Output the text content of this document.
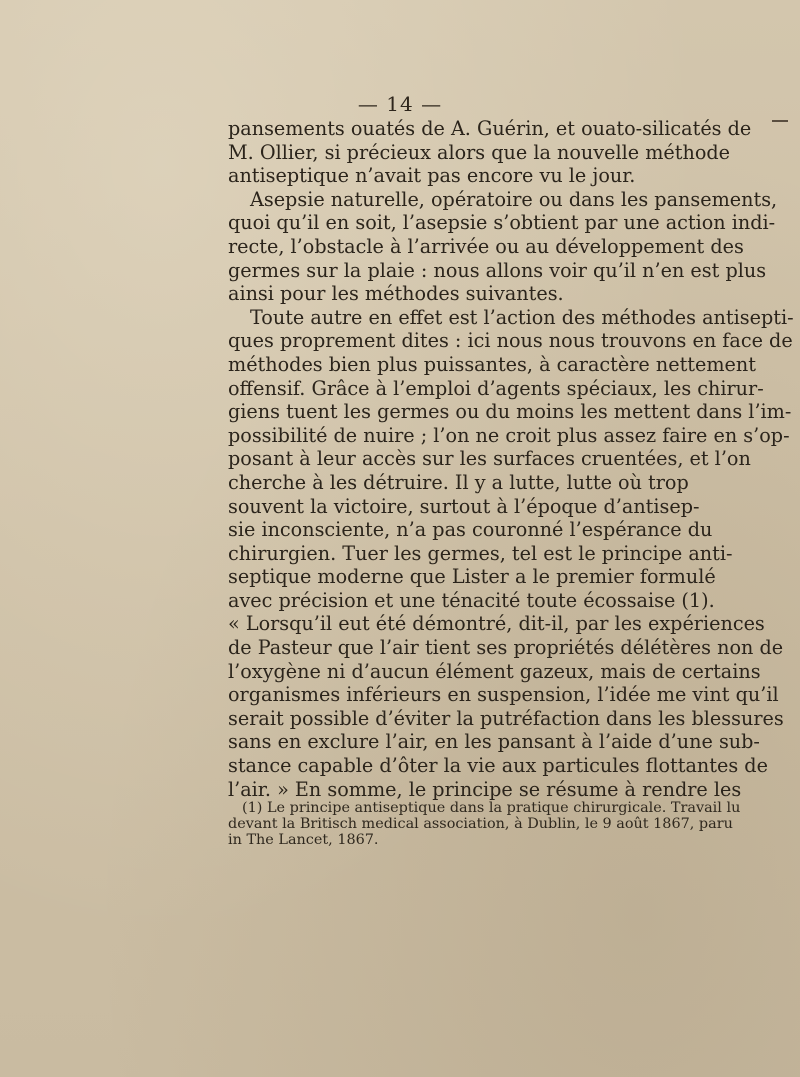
— 14 —
pansements ouatés de A. Guérin, et ouato-silicatés de
M. Ollier, si précieux alors que la nouvelle méthode
antiseptique n’avait pas encore vu le jour.
Asepsie naturelle, opératoire ou dans les pansements,
quoi qu’il en soit, l’asepsie s’obtient par une action indi-
recte, l’obstacle à l’arrivée ou au développement des
germes sur la plaie : nous allons voir qu’il n’en est plus
ainsi pour les méthodes suivantes.
Toute autre en effet est l’action des méthodes antisepti-
ques proprement dites : ici nous nous trouvons en face de
méthodes bien plus puissantes, à caractère nettement
offensif. Grâce à l’emploi d’agents spéciaux, les chirur-
giens tuent les germes ou du moins les mettent dans l’im-
possibilité de nuire ; l’on ne croit plus assez faire en s’op-
posant à leur accès sur les surfaces cruentées, et l’on
cherche à les détruire. Il y a lutte, lutte où trop
souvent la victoire, surtout à l’époque d’antisep-
sie inconsciente, n’a pas couronné l’espérance du
chirurgien. Tuer les germes, tel est le principe anti-
septique moderne que Lister a le premier formulé
avec précision et une ténacité toute écossaise (1).
« Lorsqu’il eut été démontré, dit-il, par les expériences
de Pasteur que l’air tient ses propriétés délétères non de
l’oxygène ni d’aucun élément gazeux, mais de certains
organismes inférieurs en suspension, l’idée me vint qu’il
serait possible d’éviter la putréfaction dans les blessures
sans en exclure l’air, en les pansant à l’aide d’une sub-
stance capable d’ôter la vie aux particules flottantes de
l’air. » En somme, le principe se résume à rendre les
(1) Le principe antiseptique dans la pratique chirurgicale. Travail lu
devant la Britisch medical association, à Dublin, le 9 août 1867, paru
in The Lancet, 1867.
